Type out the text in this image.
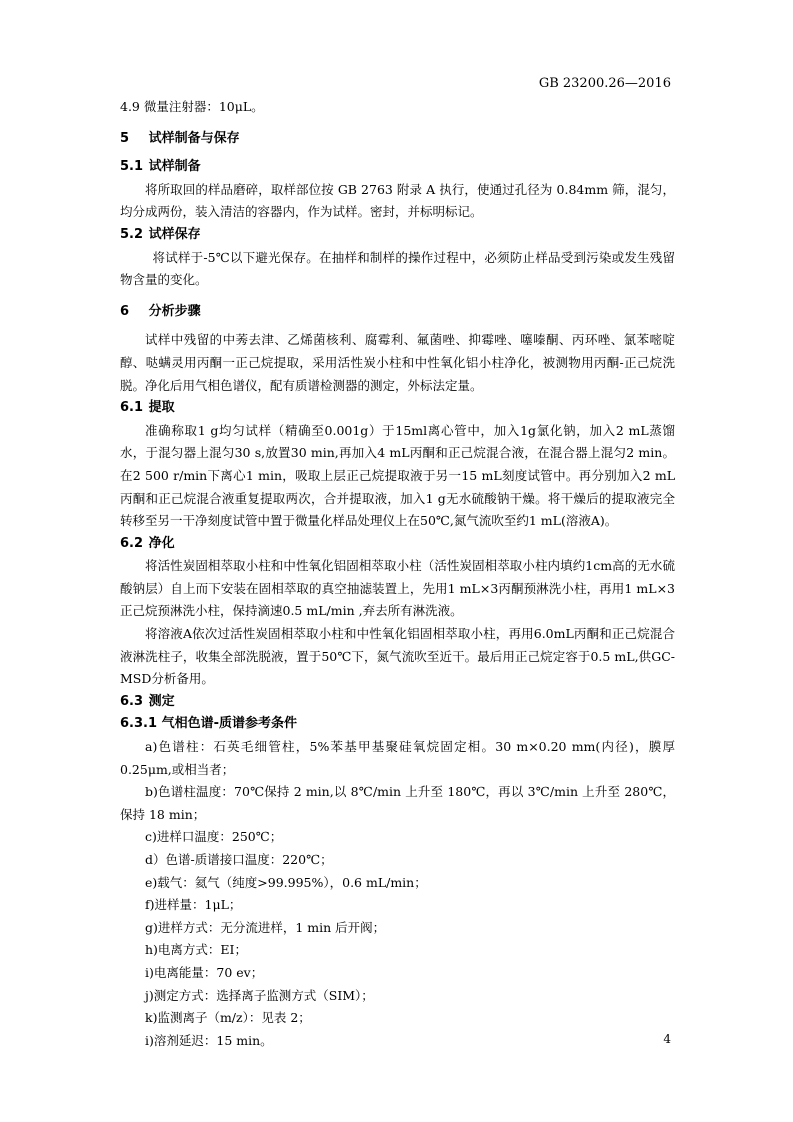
GB 23200.26—2016

4.9 微量注射器：10μL。

5 试样制备与保存

5.1 试样制备

将所取回的样品磨碎，取样部位按 GB 2763 附录 A 执行，使通过孔径为 0.84mm 筛，混匀，均分成两份，装入清洁的容器内，作为试样。密封，并标明标记。

5.2 试样保存

将试样于-5℃以下避光保存。在抽样和制样的操作过程中，必须防止样品受到污染或发生残留物含量的变化。

6 分析步骤

试样中残留的中莠去津、乙烯菌核利、腐霉利、氟菌唑、抑霉唑、噻嗪酮、丙环唑、氯苯嘧啶醇、哒螨灵用丙酮一正己烷提取，采用活性炭小柱和中性氧化铝小柱净化，被测物用丙酮-正己烷洗脱。净化后用气相色谱仪，配有质谱检测器的测定，外标法定量。

6.1 提取

准确称取1 g均匀试样（精确至0.001g）于15ml离心管中，加入1g氯化钠，加入2 mL蒸馏水，于混匀器上混匀30 s,放置30 min,再加入4 mL丙酮和正己烷混合液，在混合器上混匀2 min。在2 500 r/min下离心1 min，吸取上层正己烷提取液于另一15 mL刻度试管中。再分别加入2 mL丙酮和正己烷混合液重复提取两次，合并提取液，加入1 g无水硫酸钠干燥。将干燥后的提取液完全转移至另一干净刻度试管中置于微量化样品处理仪上在50℃,氮气流吹至约1 mL(溶液A)。

6.2 净化

将活性炭固相萃取小柱和中性氧化铝固相萃取小柱（活性炭固相萃取小柱内填约1cm高的无水硫酸钠层）自上而下安装在固相萃取的真空抽滤装置上，先用1 mL×3丙酮预淋洗小柱，再用1 mL×3正己烷预淋洗小柱，保持滴速0.5 mL/min ,弃去所有淋洗液。

将溶液A依次过活性炭固相萃取小柱和中性氧化铝固相萃取小柱，再用6.0mL丙酮和正己烷混合液淋洗柱子，收集全部洗脱液，置于50℃下，氮气流吹至近干。最后用正己烷定容于0.5 mL,供GC-MSD分析备用。

6.3 测定

6.3.1 气相色谱-质谱参考条件

a)色谱柱：石英毛细管柱，5%苯基甲基聚硅氧烷固定相。30 m×0.20 mm(内径)，膜厚0.25μm,或相当者；

b)色谱柱温度：70℃保持 2 min,以 8℃/min 上升至 180℃，再以 3℃/min 上升至 280℃，保持 18 min；

c)进样口温度：250℃；

d）色谱-质谱接口温度：220℃；

e)载气：氦气（纯度>99.995%），0.6 mL/min；

f)进样量：1μL；

g)进样方式：无分流进样，1 min 后开阀；

h)电离方式：EI；

i)电离能量：70 ev；

j)测定方式：选择离子监测方式（SIM）；

k)监测离子（m/z）：见表 2；

i)溶剂延迟：15 min。	4
